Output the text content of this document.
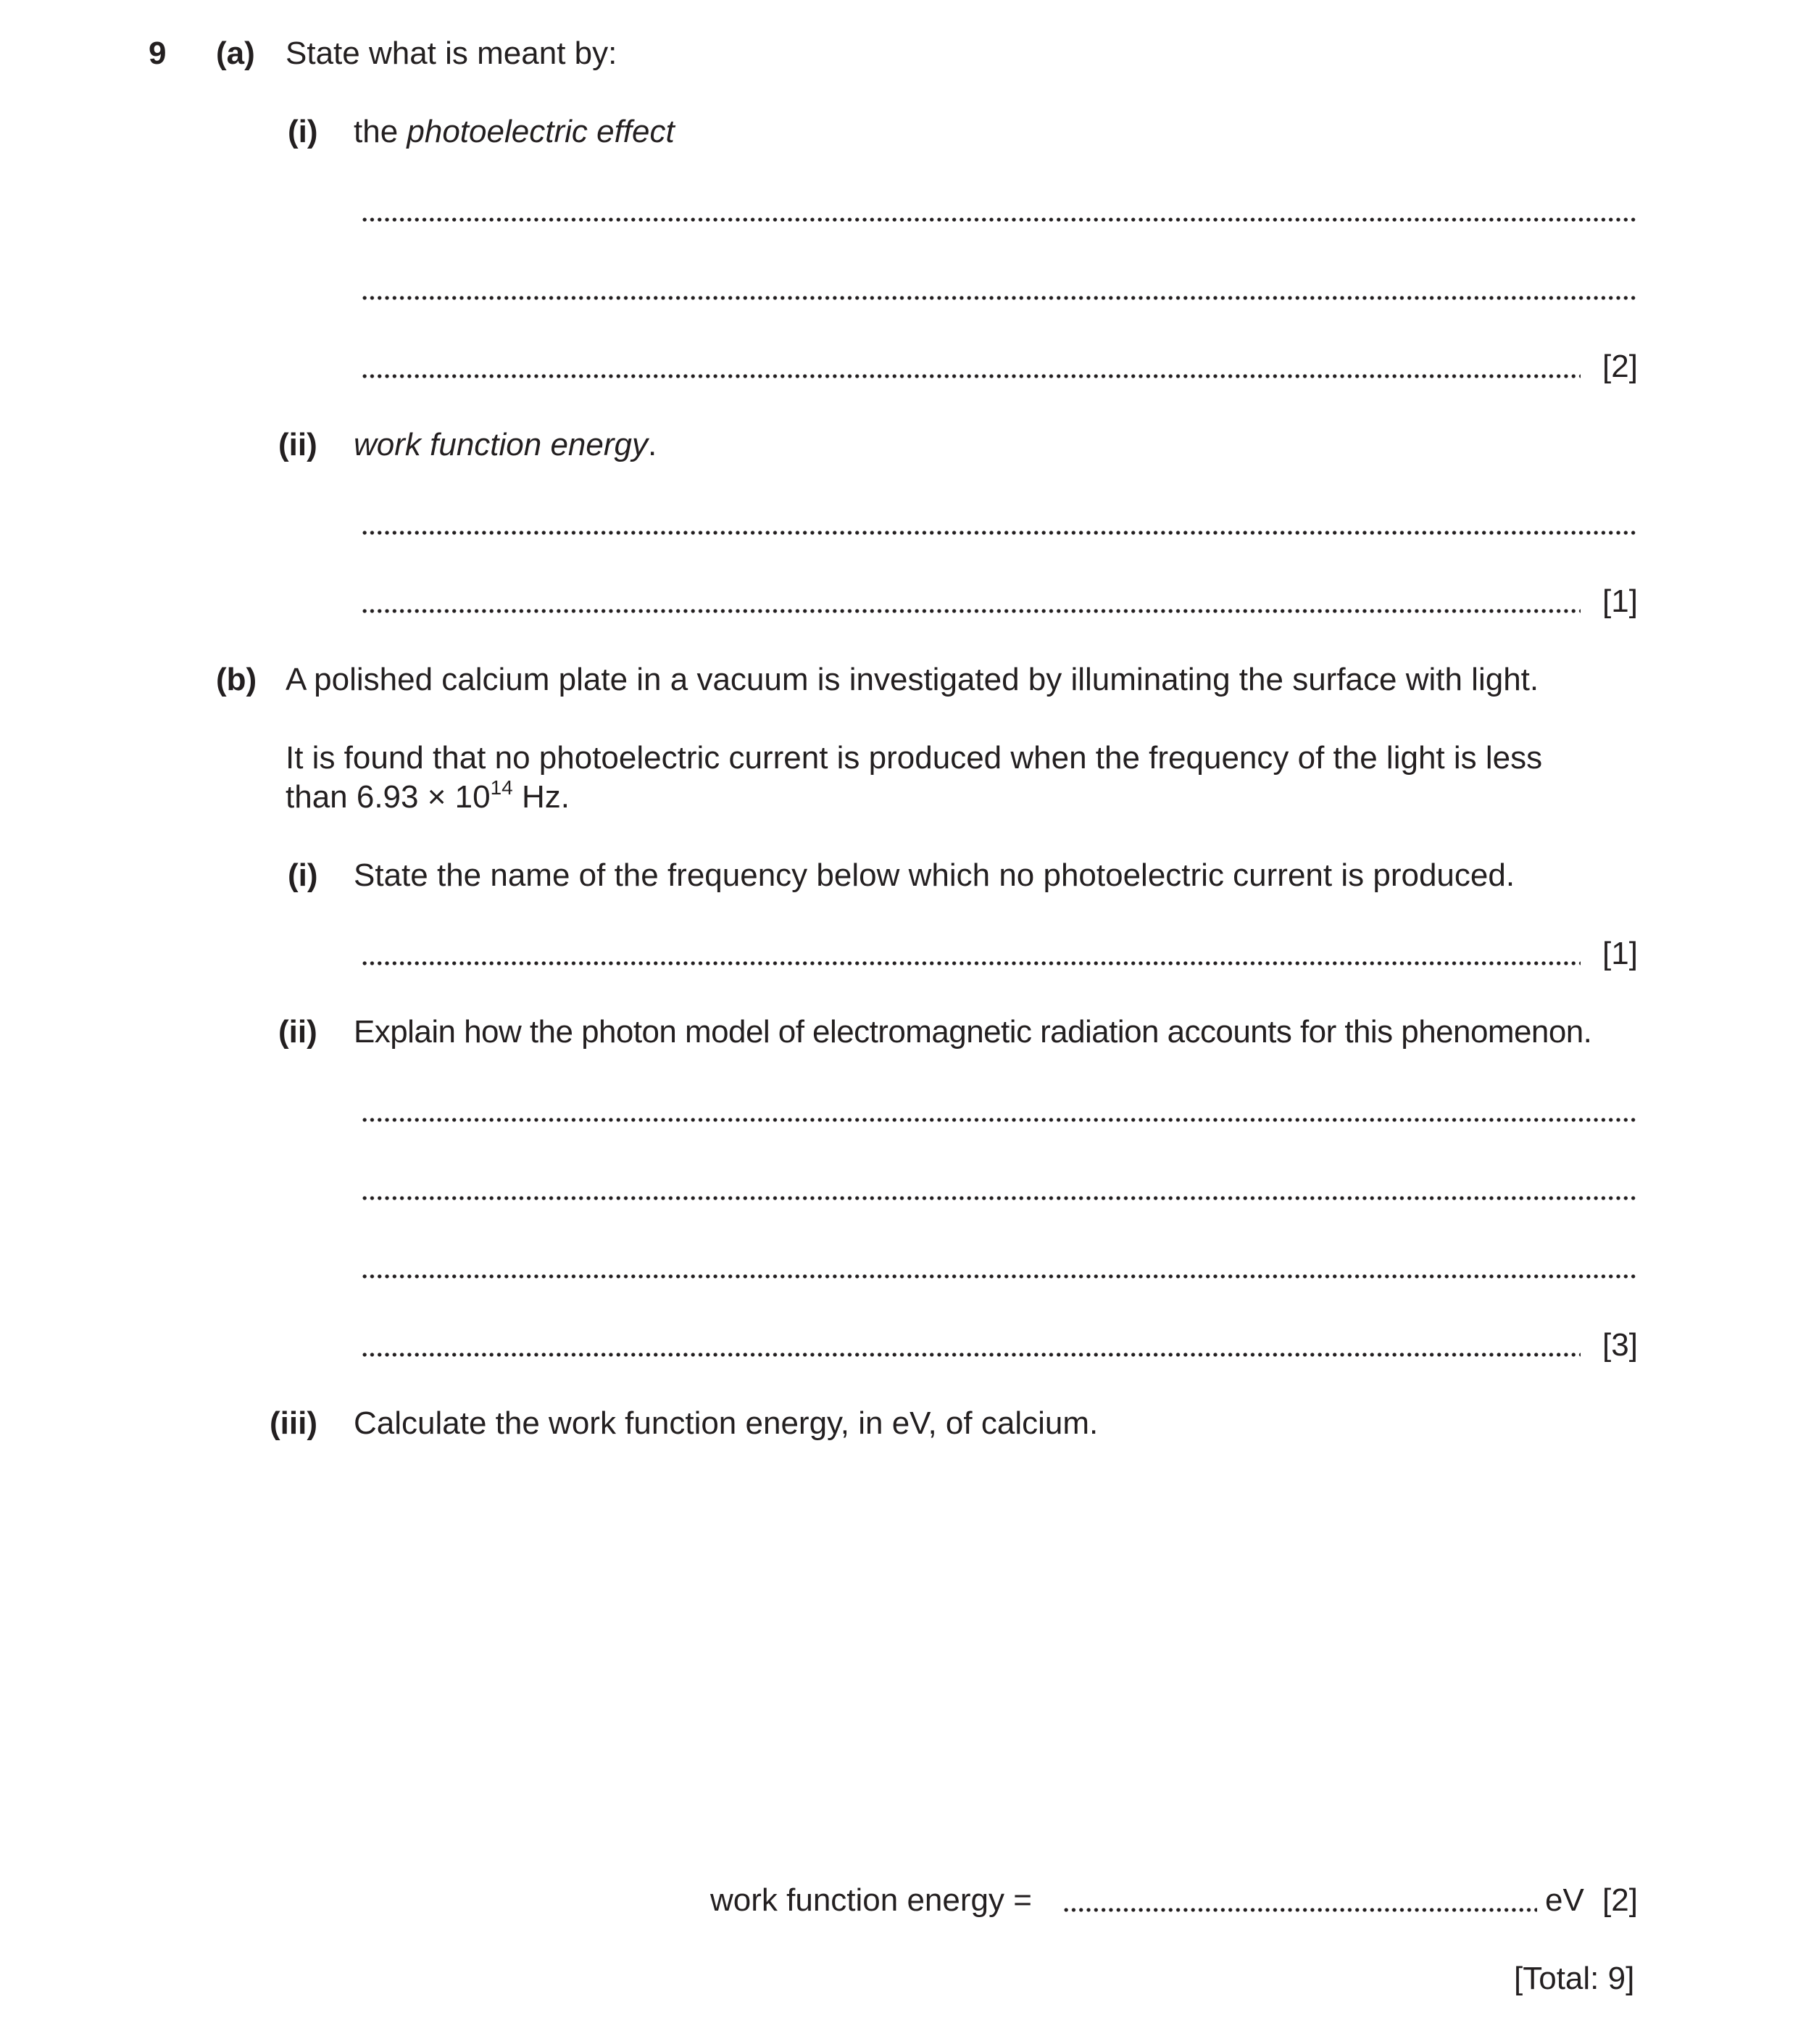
9 (a) State what is meant by:
(i) the photoelectric effect
[2]
(ii) work function energy.
[1]
(b) A polished calcium plate in a vacuum is investigated by illuminating the surface with light.
It is found that no photoelectric current is produced when the frequency of the light is less
than $6.93 \times 10^{14}$ Hz.
(i) State the name of the frequency below which no photoelectric current is produced.
[1]
(ii) Explain how the photon model of electromagnetic radiation accounts for this phenomenon.
[3]
(iii) Calculate the work function energy, in eV, of calcium.
work function energy =	eV [2]
[Total: 9]
